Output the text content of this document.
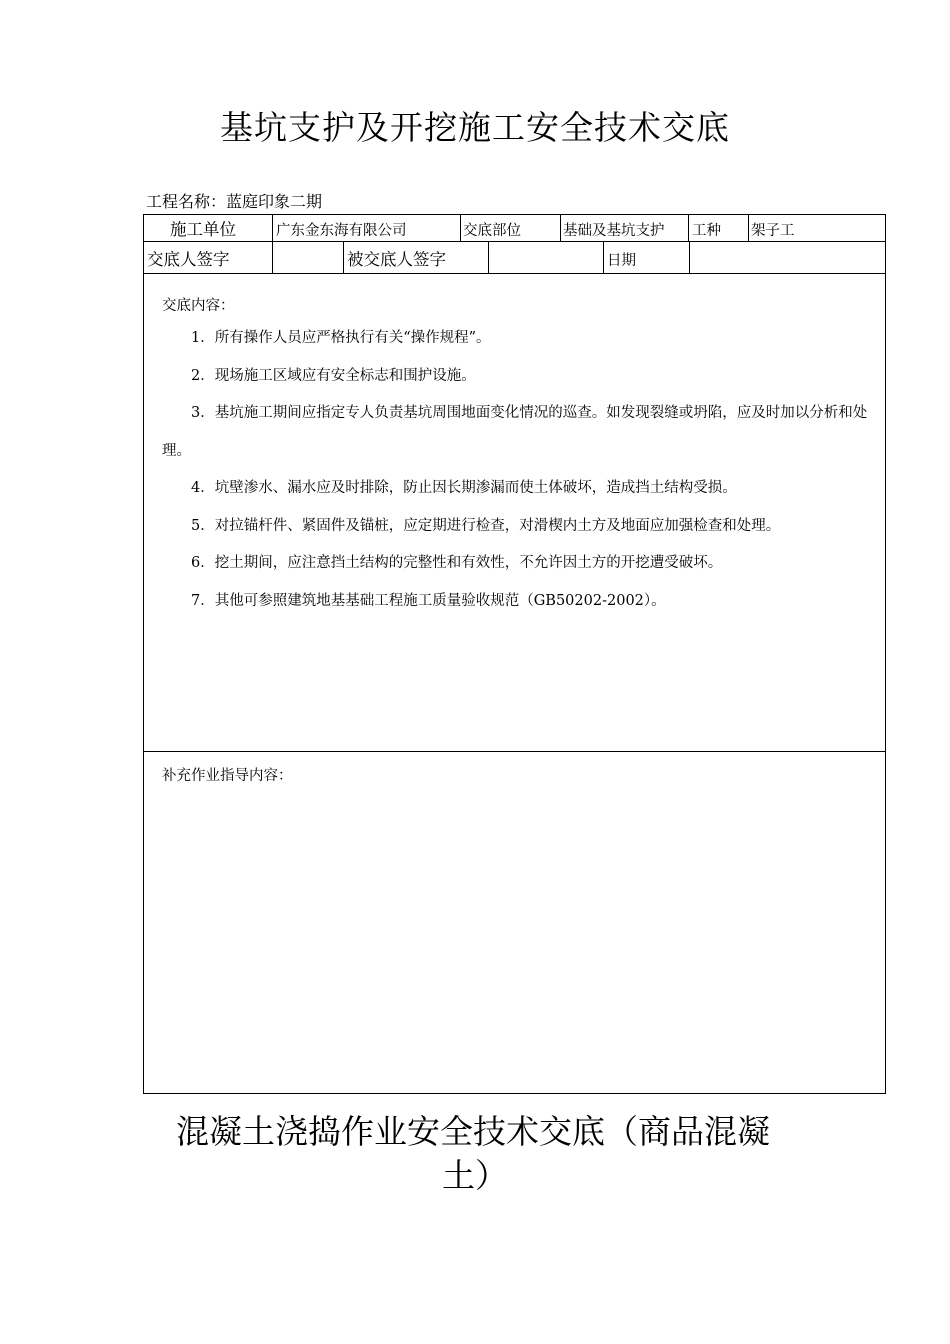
基坑支护及开挖施工安全技术交底
工程名称：蓝庭印象二期
施工单位	广东金东海有限公司	交底部位	基础及基坑支护 工种 架子工
交底人签字	被交底人签字	日期

交底内容：

1．所有操作人员应严格执行有关“操作规程”。

2．现场施工区域应有安全标志和围护设施。

3．基坑施工期间应指定专人负责基坑周围地面变化情况的巡查。如发现裂缝或坍陷，应及时加以分析和处理。

4．坑壁渗水、漏水应及时排除，防止因长期渗漏而使土体破坏，造成挡土结构受损。

5．对拉锚杆件、紧固件及锚桩，应定期进行检查，对滑楔内土方及地面应加强检查和处理。

6．挖土期间，应注意挡土结构的完整性和有效性，不允许因土方的开挖遭受破坏。

7．其他可参照建筑地基基础工程施工质量验收规范（GB50202-2002）。

补充作业指导内容：
混凝土浇捣作业安全技术交底（商品混凝
土）
